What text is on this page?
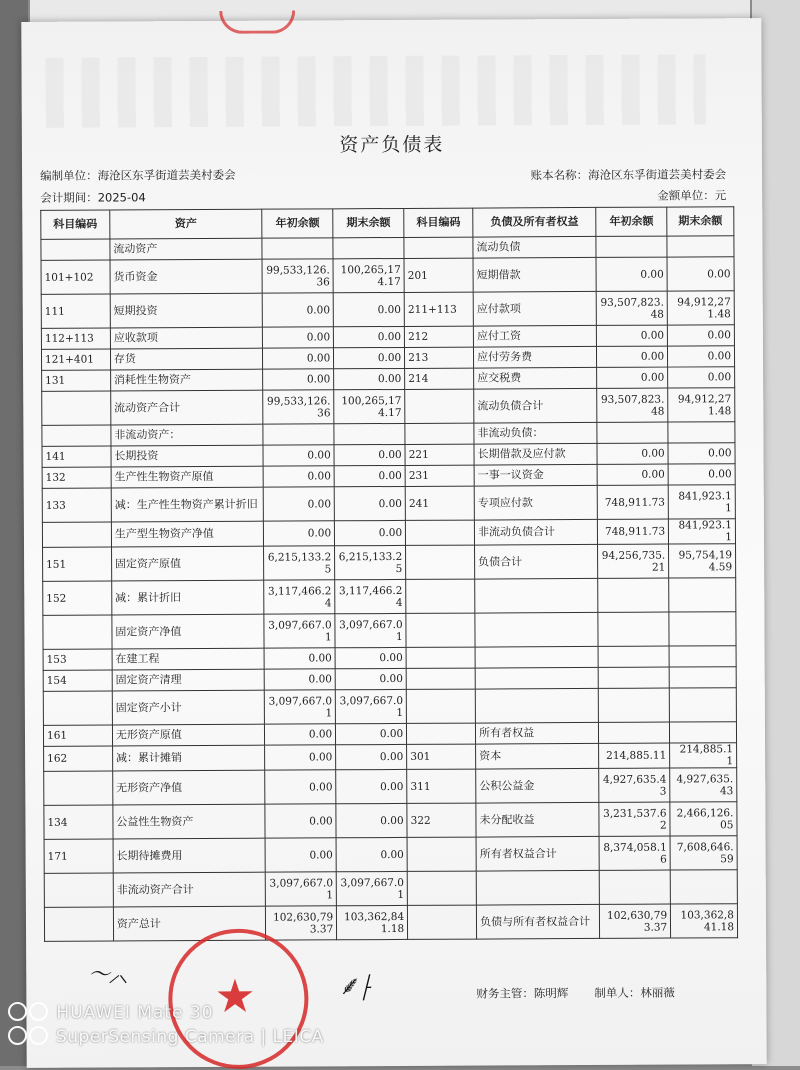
资产负债表
编制单位：海沧区东孚街道芸美村委会	账本名称：海沧区东孚街道芸美村委会
会计期间：2025-04	金额单位：元
科目编码	资产	年初余额	期末余额	科目编码	负债及所有者权益	年初余额	期末余额
	流动资产				流动负债		
101+102	货币资金	99,533,126.36	100,265,174.17	201	短期借款	0.00	0.00
111	短期投资	0.00	0.00	211+113	应付款项	93,507,823.48	94,912,271.48
112+113	应收款项	0.00	0.00	212	应付工资	0.00	0.00
121+401	存货	0.00	0.00	213	应付劳务费	0.00	0.00
131	消耗性生物资产	0.00	0.00	214	应交税费	0.00	0.00
	流动资产合计	99,533,126.36	100,265,174.17		流动负债合计	93,507,823.48	94,912,271.48
	非流动资产：				非流动负债：		
141	长期投资	0.00	0.00	221	长期借款及应付款	0.00	0.00
132	生产性生物资产原值	0.00	0.00	231	一事一议资金	0.00	0.00
133	减：生产性生物资产累计折旧	0.00	0.00	241	专项应付款	748,911.73	841,923.11
	生产型生物资产净值	0.00	0.00		非流动负债合计	748,911.73	841,923.11
151	固定资产原值	6,215,133.25	6,215,133.25		负债合计	94,256,735.21	95,754,194.59
152	减：累计折旧	3,117,466.24	3,117,466.24				
	固定资产净值	3,097,667.01	3,097,667.01				
153	在建工程	0.00	0.00				
154	固定资产清理	0.00	0.00				
	固定资产小计	3,097,667.01	3,097,667.01				
161	无形资产原值	0.00	0.00		所有者权益		
162	减：累计摊销	0.00	0.00	301	资本	214,885.11	214,885.11
	无形资产净值	0.00	0.00	311	公积公益金	4,927,635.43	4,927,635.43
134	公益性生物资产	0.00	0.00	322	未分配收益	3,231,537.62	2,466,126.05
171	长期待摊费用	0.00	0.00		所有者权益合计	8,374,058.16	7,608,646.59
	非流动资产合计	3,097,667.01	3,097,667.01				
	资产总计	102,630,793.37	103,362,841.18		负债与所有者权益合计	102,630,793.37	103,362,841.18
〜⸝⸜	⸙⸠
★	财务主管：陈明辉 制单人：林丽薇
HUAWEI Mate 30
SuperSensing Camera | LEICA
